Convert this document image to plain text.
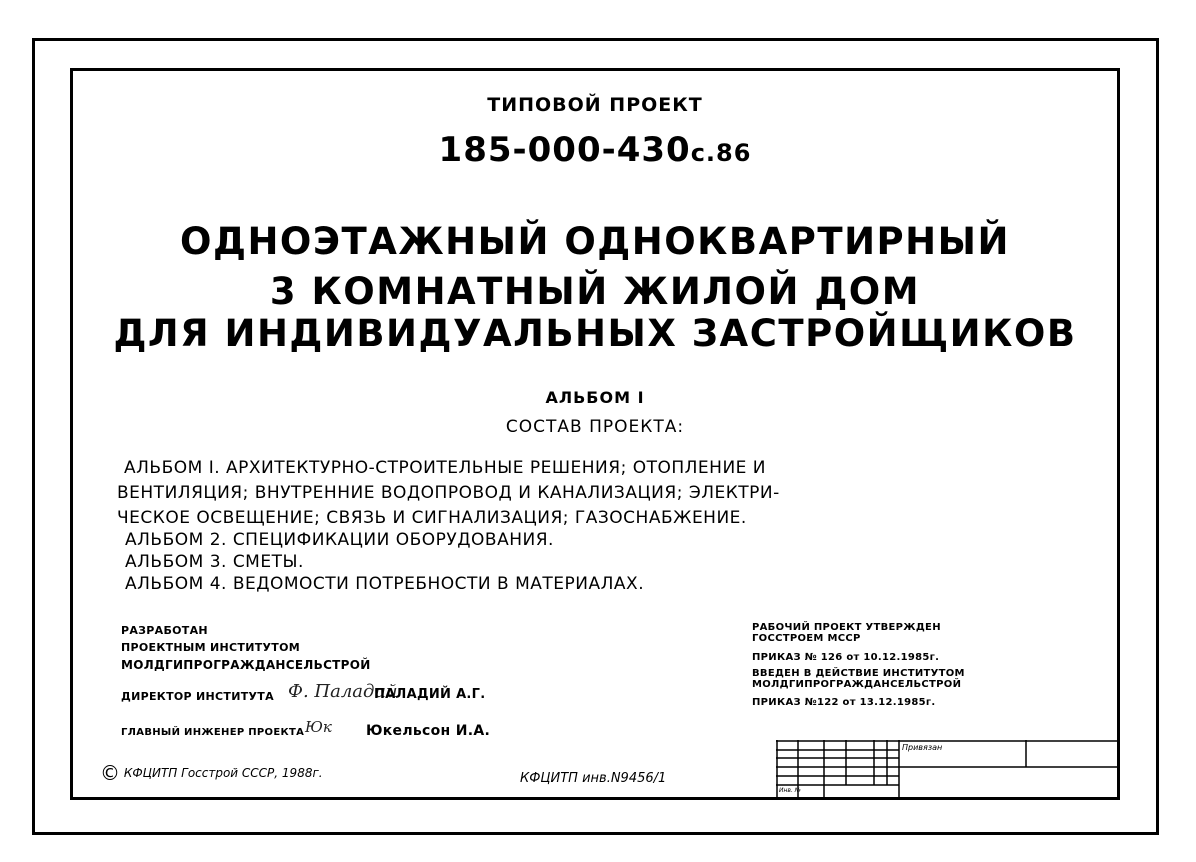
ТИПОВОЙ ПРОЕКТ
185-000-430с.86
ОДНОЭТАЖНЫЙ ОДНОКВАРТИРНЫЙ
3 КОМНАТНЫЙ ЖИЛОЙ ДОМ
ДЛЯ ИНДИВИДУАЛЬНЫХ ЗАСТРОЙЩИКОВ
АЛЬБОМ I
СОСТАВ ПРОЕКТА:
АЛЬБОМ I. АРХИТЕКТУРНО-СТРОИТЕЛЬНЫЕ РЕШЕНИЯ; ОТОПЛЕНИЕ И
ВЕНТИЛЯЦИЯ; ВНУТРЕННИЕ ВОДОПРОВОД И КАНАЛИЗАЦИЯ; ЭЛЕКТРИ-
ЧЕСКОЕ ОСВЕЩЕНИЕ; СВЯЗЬ И СИГНАЛИЗАЦИЯ; ГАЗОСНАБЖЕНИЕ.
АЛЬБОМ 2. СПЕЦИФИКАЦИИ ОБОРУДОВАНИЯ.
АЛЬБОМ 3. СМЕТЫ.
АЛЬБОМ 4. ВЕДОМОСТИ ПОТРЕБНОСТИ В МАТЕРИАЛАХ.
РАЗРАБОТАН
ПРОЕКТНЫМ ИНСТИТУТОМ
МОЛДГИПРОГРАЖДАНСЕЛЬСТРОЙ
ДИРЕКТОР ИНСТИТУТА Ф. Паладий
ПАЛАДИЙ А.Г.
ГЛАВНЫЙ ИНЖЕНЕР ПРОЕКТА Юк Юкельсон И.А.
© КФЦИТП Госстрой СССР, 1988г.	КФЦИТП инв.N9456/1
РАБОЧИЙ ПРОЕКТ УТВЕРЖДЕН
ГОССТРОЕМ МССР
ПРИКАЗ № 126 от 10.12.1985г.
ВВЕДЕН В ДЕЙСТВИЕ ИНСТИТУТОМ
МОЛДГИПРОГРАЖДАНСЕЛЬСТРОЙ
ПРИКАЗ №122 от 13.12.1985г.
Привязан
Инв. №
